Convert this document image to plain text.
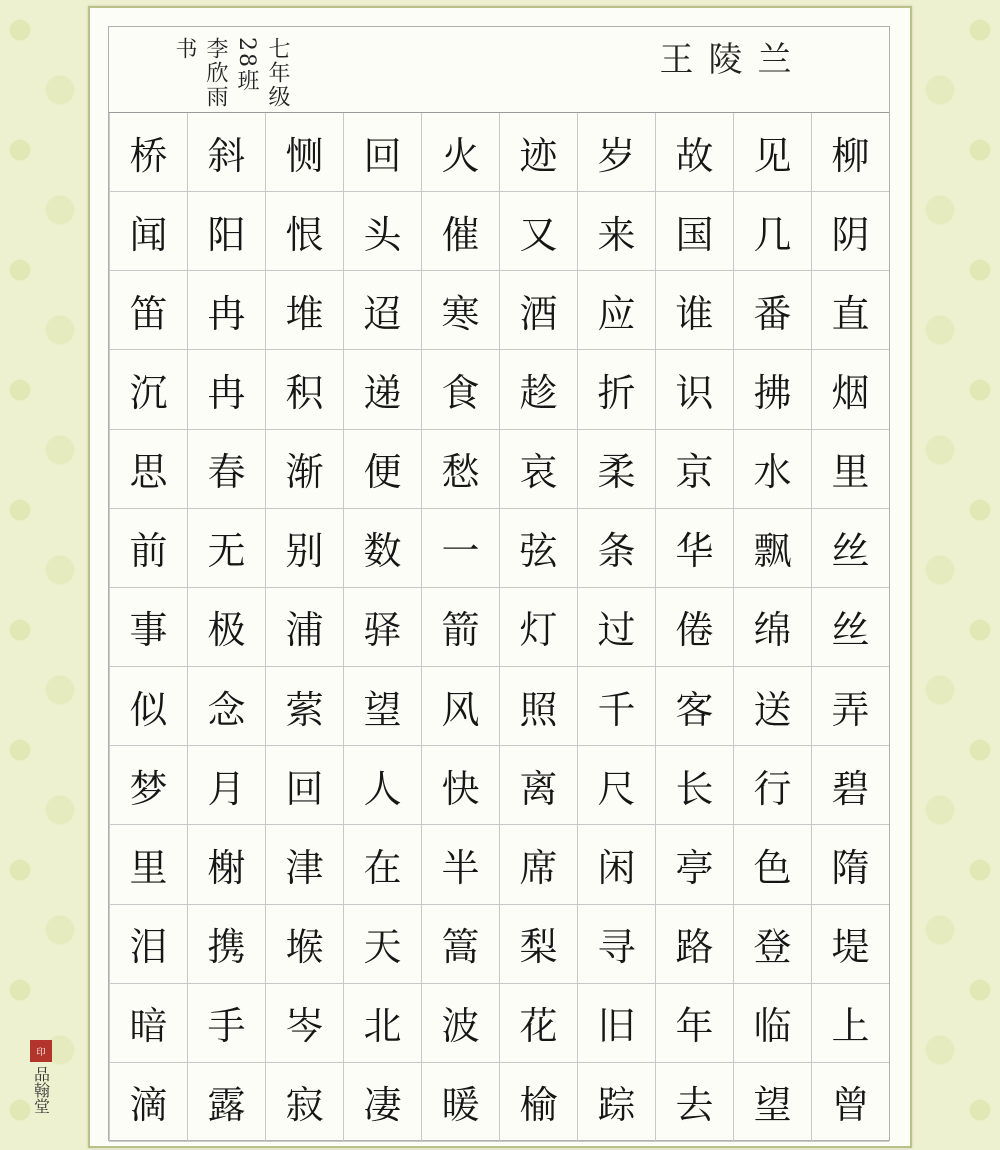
兰陵王
七年级28班李欣雨书
柳
阴
直
烟
里
丝
丝
弄
碧
隋
堤
上
曾
见
几
番
拂
水
飘
绵
送
行
色
登
临
望
故
国
谁
识
京
华
倦
客
长
亭
路
年
去
岁
来
应
折
柔
条
过
千
尺
闲
寻
旧
踪
迹
又
酒
趁
哀
弦
灯
照
离
席
梨
花
榆
火
催
寒
食
愁
一
箭
风
快
半
篙
波
暖
回
头
迢
递
便
数
驿
望
人
在
天
北
凄
恻
恨
堆
积
渐
别
浦
萦
回
津
堠
岑
寂
斜
阳
冉
冉
春
无
极
念
月
榭
携
手
露
桥
闻
笛
沉
思
前
事
似
梦
里
泪
暗
滴
印
品翰堂
